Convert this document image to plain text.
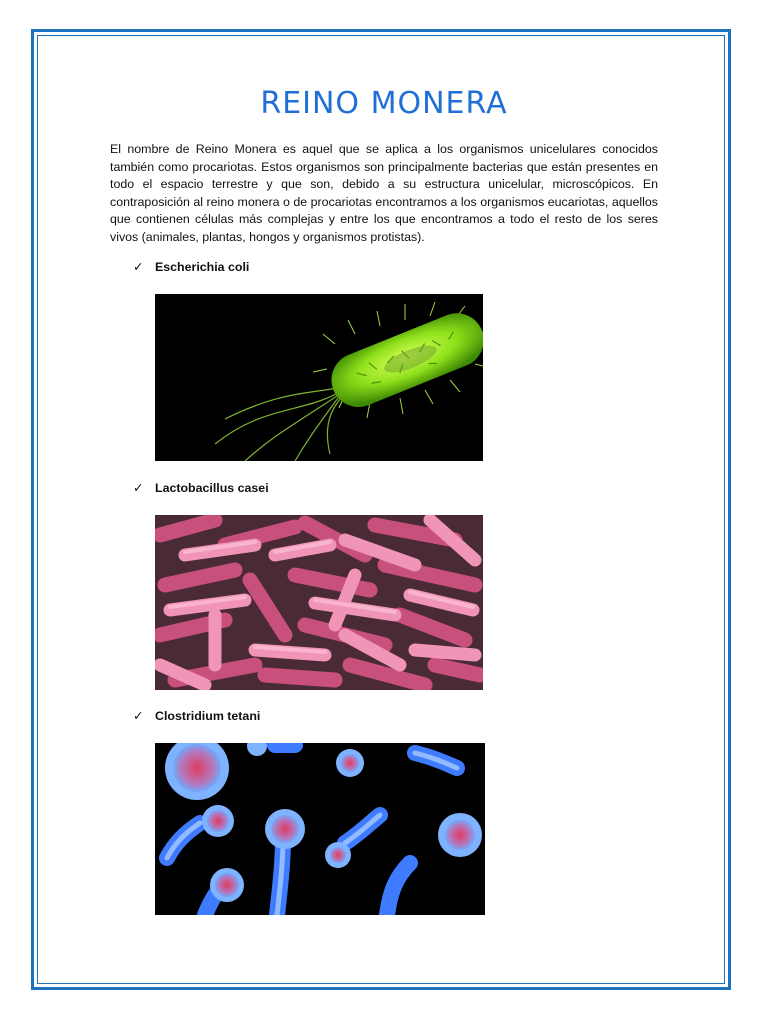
REINO MONERA

El nombre de Reino Monera es aquel que se aplica a los organismos unicelulares conocidos también como procariotas. Estos organismos son principalmente bacterias que están presentes en todo el espacio terrestre y que son, debido a su estructura unicelular, microscópicos. En contraposición al reino monera o de procariotas encontramos a los organismos eucariotas, aquellos que contienen células más complejas y entre los que encontramos a todo el resto de los seres vivos (animales, plantas, hongos y organismos protistas).

✓ Escherichia coli
✓ Lactobacillus casei
✓ Clostridium tetani
